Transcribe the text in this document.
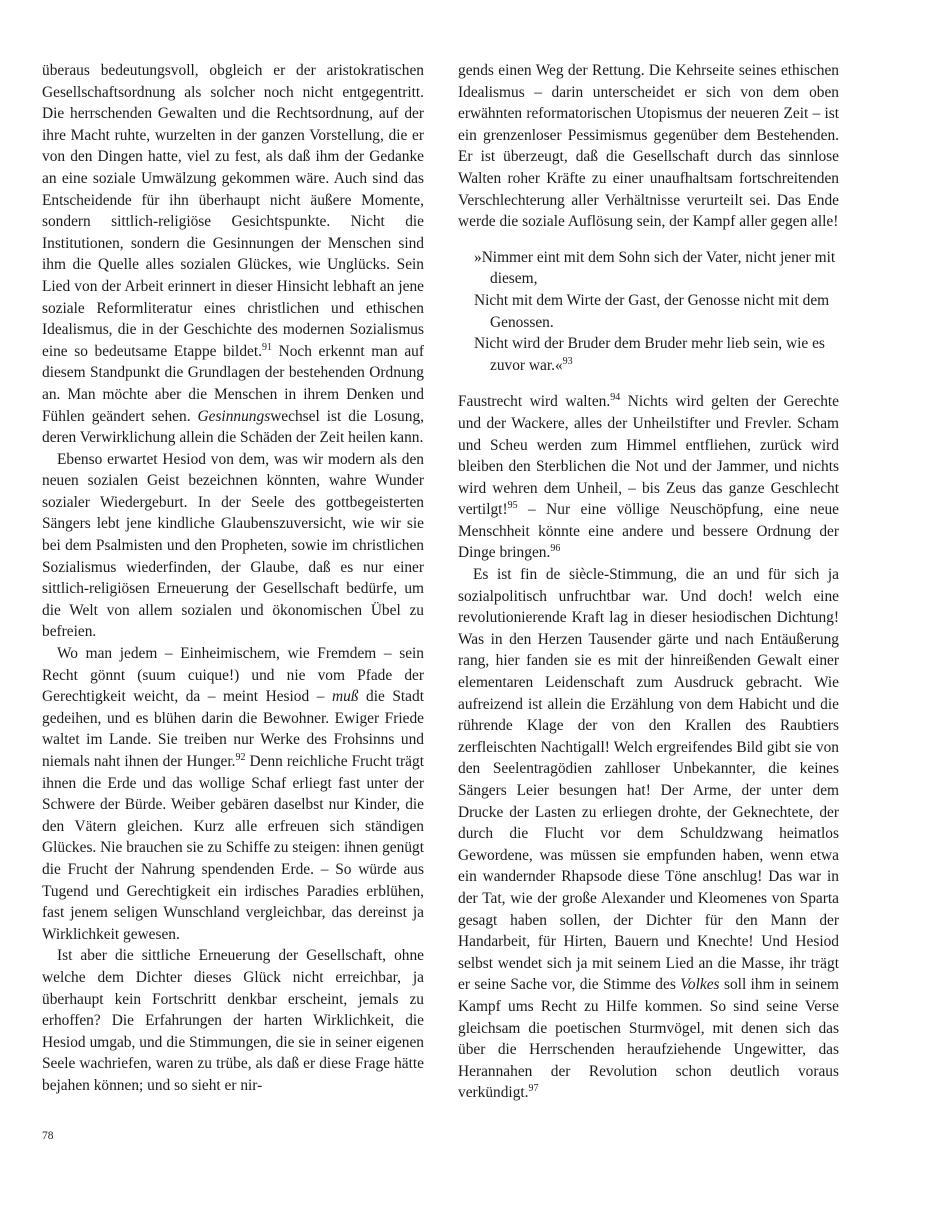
überaus bedeutungsvoll, obgleich er der aristokratischen Gesellschaftsordnung als solcher noch nicht entgegentritt. Die herrschenden Gewalten und die Rechtsordnung, auf der ihre Macht ruhte, wurzelten in der ganzen Vorstellung, die er von den Dingen hatte, viel zu fest, als daß ihm der Gedanke an eine soziale Umwälzung gekommen wäre. Auch sind das Entscheidende für ihn überhaupt nicht äußere Momente, sondern sittlich-religiöse Gesichtspunkte. Nicht die Institutionen, sondern die Gesinnungen der Menschen sind ihm die Quelle alles sozialen Glückes, wie Unglücks. Sein Lied von der Arbeit erinnert in dieser Hinsicht lebhaft an jene soziale Reformliteratur eines christlichen und ethischen Idealismus, die in der Geschichte des modernen Sozialismus eine so bedeutsame Etappe bildet.$^{91}$ Noch erkennt man auf diesem Standpunkt die Grundlagen der bestehenden Ordnung an. Man möchte aber die Menschen in ihrem Denken und Fühlen geändert sehen. Gesinnungswechsel ist die Losung, deren Verwirklichung allein die Schäden der Zeit heilen kann.

Ebenso erwartet Hesiod von dem, was wir modern als den neuen sozialen Geist bezeichnen könnten, wahre Wunder sozialer Wiedergeburt. In der Seele des gottbegeisterten Sängers lebt jene kindliche Glaubenszuversicht, wie wir sie bei dem Psalmisten und den Propheten, sowie im christlichen Sozialismus wiederfinden, der Glaube, daß es nur einer sittlich-religiösen Erneuerung der Gesellschaft bedürfe, um die Welt von allem sozialen und ökonomischen Übel zu befreien.

Wo man jedem – Einheimischem, wie Fremdem – sein Recht gönnt (suum cuique!) und nie vom Pfade der Gerechtigkeit weicht, da – meint Hesiod – muß die Stadt gedeihen, und es blühen darin die Bewohner. Ewiger Friede waltet im Lande. Sie treiben nur Werke des Frohsinns und niemals naht ihnen der Hunger.$^{92}$ Denn reichliche Frucht trägt ihnen die Erde und das wollige Schaf erliegt fast unter der Schwere der Bürde. Weiber gebären daselbst nur Kinder, die den Vätern gleichen. Kurz alle erfreuen sich ständigen Glückes. Nie brauchen sie zu Schiffe zu steigen: ihnen genügt die Frucht der Nahrung spendenden Erde. – So würde aus Tugend und Gerechtigkeit ein irdisches Paradies erblühen, fast jenem seligen Wunschland vergleichbar, das dereinst ja Wirklichkeit gewesen.

Ist aber die sittliche Erneuerung der Gesellschaft, ohne welche dem Dichter dieses Glück nicht erreichbar, ja überhaupt kein Fortschritt denkbar erscheint, jemals zu erhoffen? Die Erfahrungen der harten Wirklichkeit, die Hesiod umgab, und die Stimmungen, die sie in seiner eigenen Seele wachriefen, waren zu trübe, als daß er diese Frage hätte bejahen können; und so sieht er nir-

gends einen Weg der Rettung. Die Kehrseite seines ethischen Idealismus – darin unterscheidet er sich von dem oben erwähnten reformatorischen Utopismus der neueren Zeit – ist ein grenzenloser Pessimismus gegenüber dem Bestehenden. Er ist überzeugt, daß die Gesellschaft durch das sinnlose Walten roher Kräfte zu einer unaufhaltsam fortschreitenden Verschlechterung aller Verhältnisse verurteilt sei. Das Ende werde die soziale Auflösung sein, der Kampf aller gegen alle!

»Nimmer eint mit dem Sohn sich der Vater, nicht jener mit diesem,

Nicht mit dem Wirte der Gast, der Genosse nicht mit dem Genossen.

Nicht wird der Bruder dem Bruder mehr lieb sein, wie es zuvor war.«$^{93}$

Faustrecht wird walten.$^{94}$ Nichts wird gelten der Gerechte und der Wackere, alles der Unheilstifter und Frevler. Scham und Scheu werden zum Himmel entfliehen, zurück wird bleiben den Sterblichen die Not und der Jammer, und nichts wird wehren dem Unheil, – bis Zeus das ganze Geschlecht vertilgt!$^{95}$ – Nur eine völlige Neuschöpfung, eine neue Menschheit könnte eine andere und bessere Ordnung der Dinge bringen.$^{96}$

Es ist fin de siècle-Stimmung, die an und für sich ja sozialpolitisch unfruchtbar war. Und doch! welch eine revolutionierende Kraft lag in dieser hesiodischen Dichtung! Was in den Herzen Tausender gärte und nach Entäußerung rang, hier fanden sie es mit der hinreißenden Gewalt einer elementaren Leidenschaft zum Ausdruck gebracht. Wie aufreizend ist allein die Erzählung von dem Habicht und die rührende Klage der von den Krallen des Raubtiers zerfleischten Nachtigall! Welch ergreifendes Bild gibt sie von den Seelentragödien zahlloser Unbekannter, die keines Sängers Leier besungen hat! Der Arme, der unter dem Drucke der Lasten zu erliegen drohte, der Geknechtete, der durch die Flucht vor dem Schuldzwang heimatlos Gewordene, was müssen sie empfunden haben, wenn etwa ein wandernder Rhapsode diese Töne anschlug! Das war in der Tat, wie der große Alexander und Kleomenes von Sparta gesagt haben sollen, der Dichter für den Mann der Handarbeit, für Hirten, Bauern und Knechte! Und Hesiod selbst wendet sich ja mit seinem Lied an die Masse, ihr trägt er seine Sache vor, die Stimme des Volkes soll ihm in seinem Kampf ums Recht zu Hilfe kommen. So sind seine Verse gleichsam die poetischen Sturmvögel, mit denen sich das über die Herrschenden heraufziehende Ungewitter, das Herannahen der Revolution schon deutlich voraus verkündigt.$^{97}$

78
